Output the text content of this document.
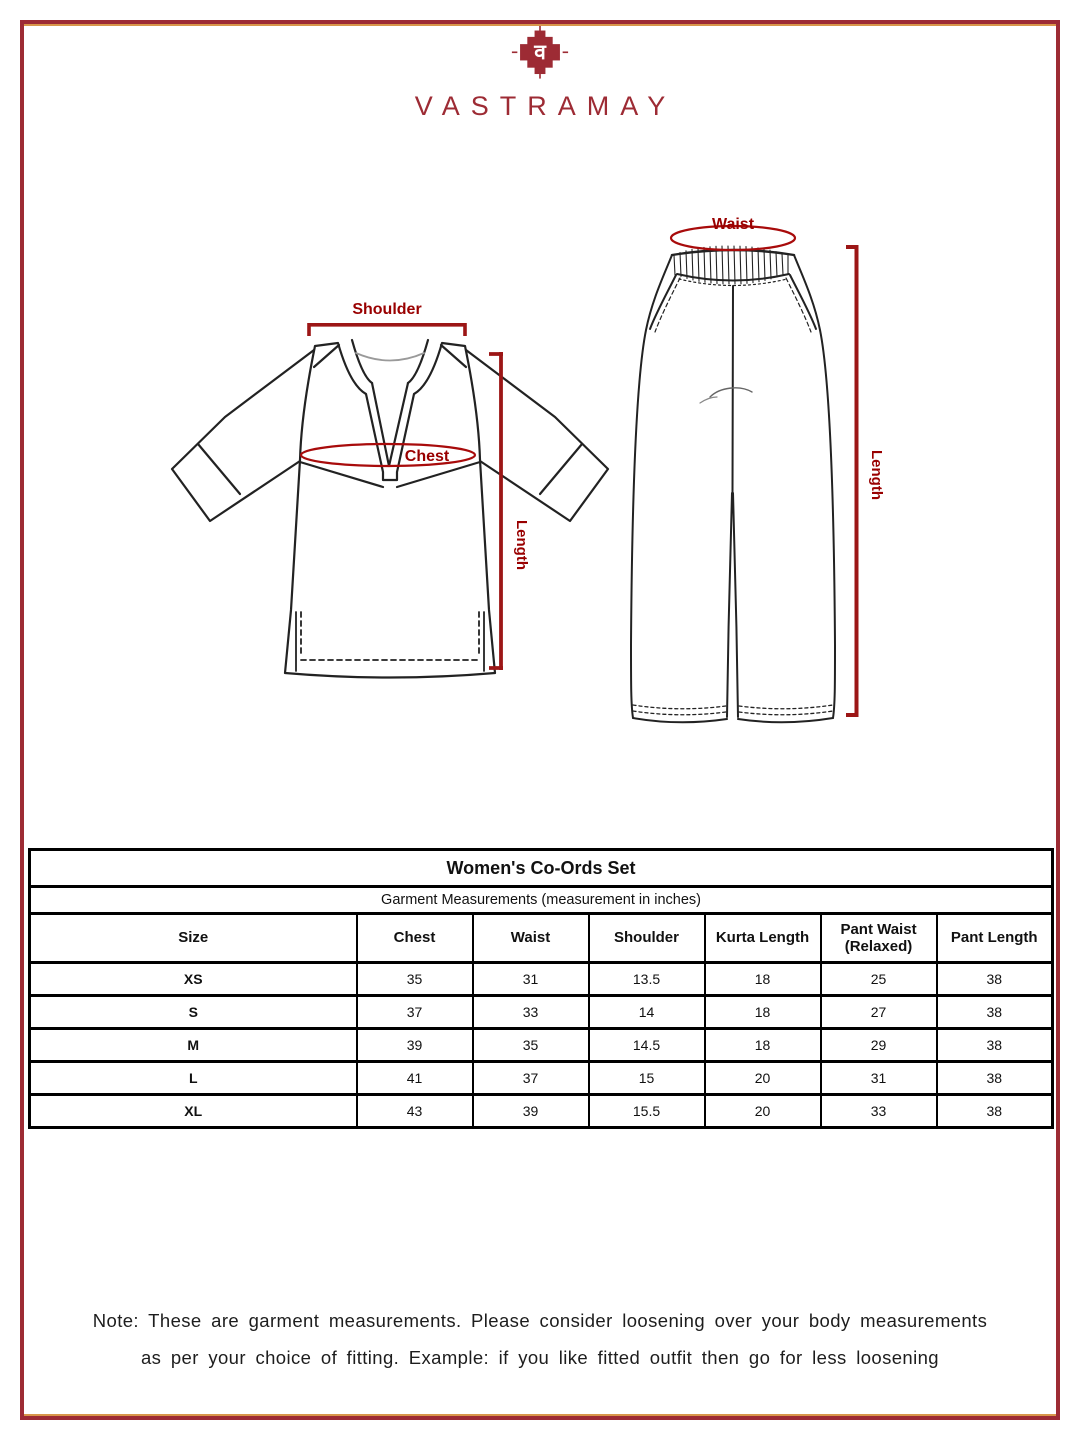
व
VASTRAMAY
Shoulder
Chest
Length
Waist
Length
Women's Co-Ords Set						
Garment Measurements (measurement in inches)						
Size	Chest	Waist	Shoulder	Kurta Length	Pant Waist (Relaxed)	Pant Length
XS	35	31	13.5	18	25	38
S	37	33	14	18	27	38
M	39	35	14.5	18	29	38
L	41	37	15	20	31	38
XL	43	39	15.5	20	33	38
Note: These are garment measurements. Please consider loosening over your body measurements
as per your choice of fitting. Example: if you like fitted outfit then go for less loosening
